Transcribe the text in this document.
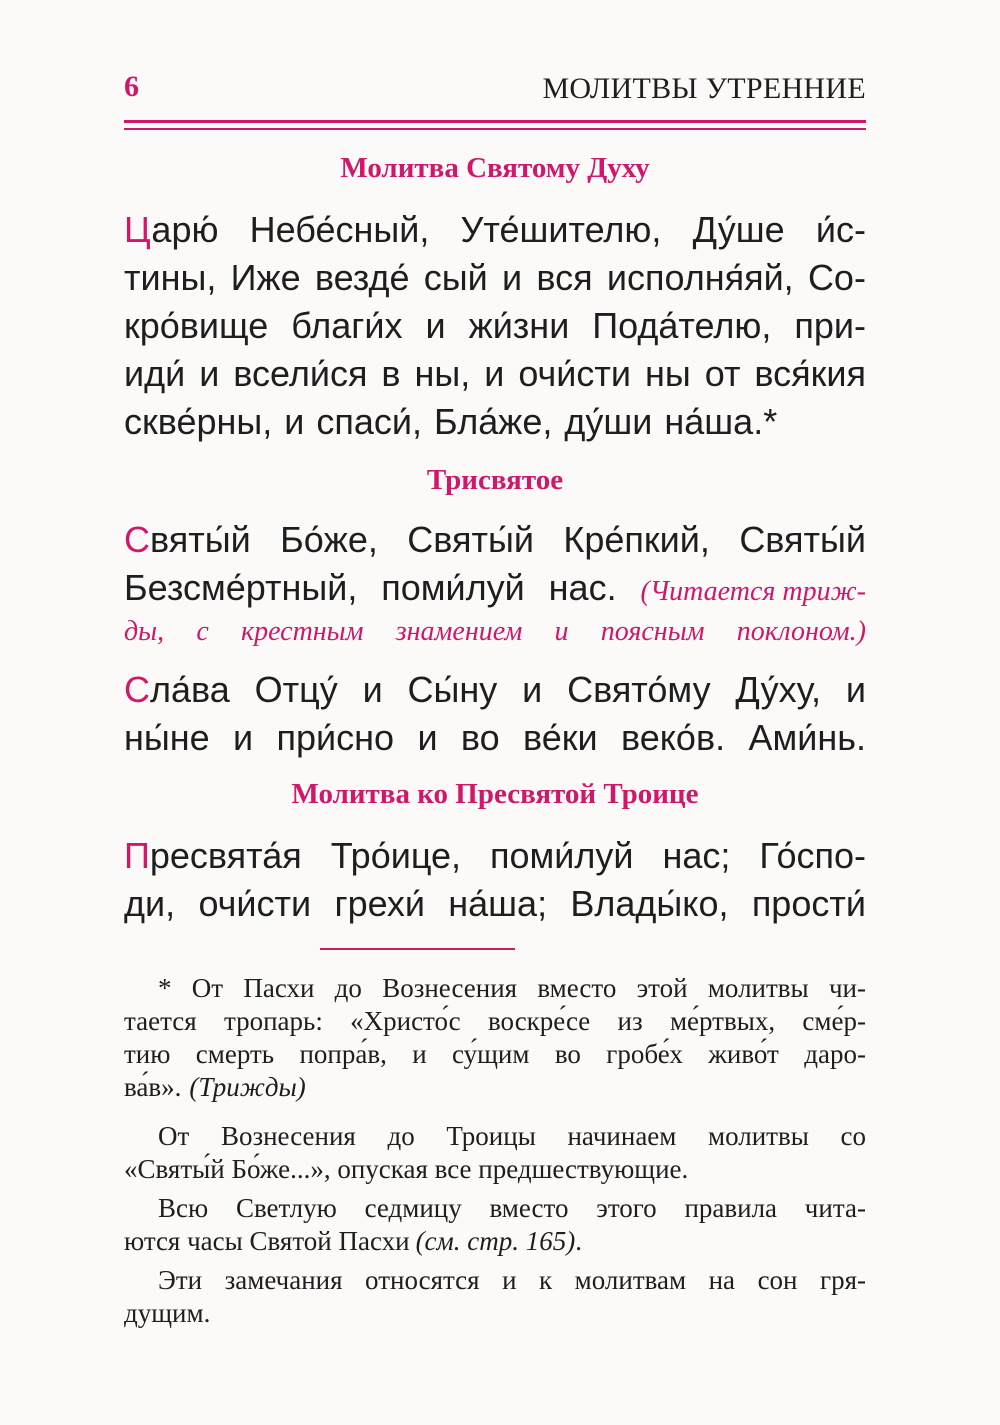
6	МОЛИТВЫ УТРЕННИЕ
Молитва Святому Духу
Царю́ Небе́сный, Уте́шителю, Ду́ше и́с-
тины, Иже везде́ сый и вся исполня́яй, Со-
кро́вище благи́х и жи́зни Пода́телю, при-
иди́ и всели́ся в ны, и очи́сти ны от вся́кия
скве́рны, и спаси́, Бла́же, ду́ши на́ша.*
Трисвятое
Святы́й Бо́же, Святы́й Кре́пкий, Святы́й
Безсме́ртный, поми́луй нас. (Читается триж-
ды, с крестным знамением и поясным поклоном.)
Сла́ва Отцу́ и Сы́ну и Свято́му Ду́ху, и
ны́не и при́сно и во ве́ки веко́в. Ами́нь.
Молитва ко Пресвятой Троице
Пресвята́я Тро́ице, поми́луй нас; Го́спо-
ди, очи́сти грехи́ на́ша; Влады́ко, прости́
* От Пасхи до Вознесения вместо этой молитвы чи-
тается тропарь: «Христо́с воскре́се из ме́ртвых, сме́р-
тию смерть попра́в, и су́щим во гробе́х живо́т даро-
ва́в». (Трижды)
От Вознесения до Троицы начинаем молитвы со
«Святы́й Бо́же...», опуская все предшествующие.
Всю Светлую седмицу вместо этого правила чита-
ются часы Святой Пасхи (см. стр. 165) .
Эти замечания относятся и к молитвам на сон гря-
дущим.
